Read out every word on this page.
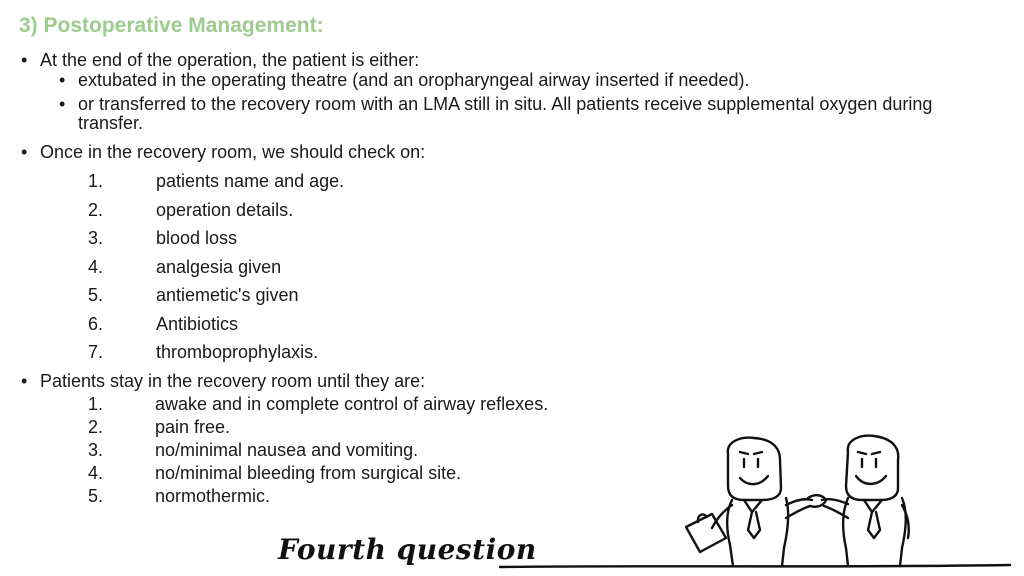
3) Postoperative Management:
• At the end of the operation, the patient is either:
• extubated in the operating theatre (and an oropharyngeal airway inserted if needed).
• or transferred to the recovery room with an LMA still in situ. All patients receive supplemental oxygen during transfer.
• Once in the recovery room, we should check on:
1.	patients name and age.
2.	operation details.
3.	blood loss
4.	analgesia given
5.	antiemetic's given
6.	Antibiotics
7.	thromboprophylaxis.
• Patients stay in the recovery room until they are:
1.	awake and in complete control of airway reflexes.
2.	pain free.
3.	no/minimal nausea and vomiting.
4.	no/minimal bleeding from surgical site.
5.	normothermic.
Fourth question
